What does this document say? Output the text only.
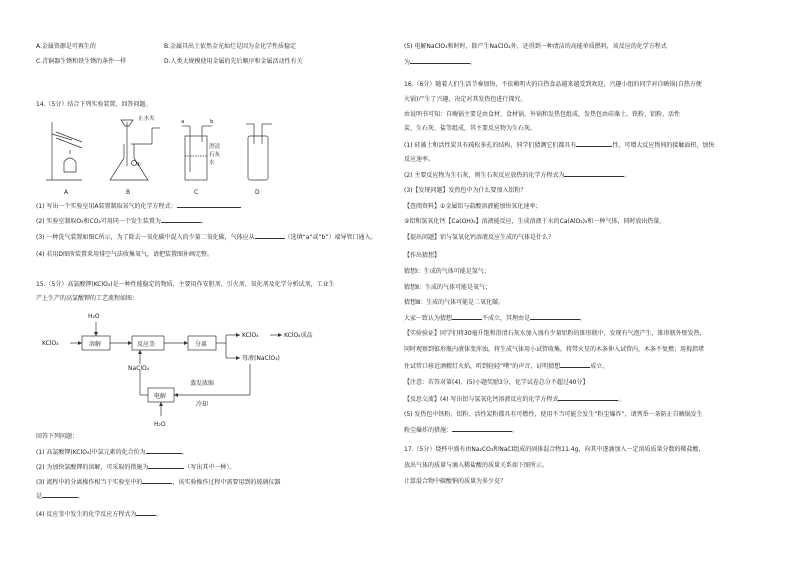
A.金属资源是可再生的	B.金属具出土依然金光灿烂是因为金化学性质稳定
C.青铜器生锈和铁生锈的条件一样	D.人类大规模使用金属的先后顺序和金属活动性有关
14.（5分）结合下列实验装置，回答问题。
止水夹
澄清
石灰
水
a	b
①
A	B	C	D
(1) 写出一个实验室用A装置制取氧气的化学方程式：
(2) 实验室制取O₂和CO₂可用同一个发生装置为	。
(3) 一种洗气装置如图C所示，为了除去一氧化碳中混入的少量二氧化碳，气体应从	（选填“a”或“b”）端导管口通入。
(4) 若用D图所装置来用排空气法收集氧气，请把装置图补画完整。
15.（5分）高氯酸钾(KClO₄)是一种性能稳定的物质，主要用作安胆剂、引火剂、氧化剂及化学分析试剂，工业生
产上生产的高氯酸钾的工艺流程如图：
H₂O
KClO₃	溶解	反应釜	分离
KClO₄	KClO₄成品
母液(NaClO₃)
NaClO₄
蒸发浓缩
冷却
电解
H₂O
回答下列问题：
(1) 高氯酸钾(KClO₄)中氯元素的化合价为	。
(2) 为加快氯酸钾的溶解，可采取的措施为	（写出其中一种）。
(3) 流程中的分离操作相当于实验室中的	，该实验操作过程中需要用到的玻璃仪器
是	。
(4) 反应釜中发生的化学反应方程式为	。
(5) 电解NaClO₃和时时，除产生NaClO₄外，还得到一种清洁的高能单质燃料，该反应的化学方程式
为	。
16.（6分）随着人们生活节奏加快，不依赖明火的自热食品越来越受到欢迎，兴趣小组的同学对自嗨锅(自热方便
火锅)产生了兴趣，决定对其发热包进行探究。
由说明书可知：自嗨锅主要是由食材、食材锅、外锅和发热包组成，发热包由硅藻土、铁粉、铝粉、活性
炭、生石灰、盐等组成，其主要反应物为生石灰。
(1) 硅藻土和活性炭具有疏松多孔的结构，同学们猜测它们都具有	性，可增大反应物间的接触面积，加快
反应速率。
(2) 主要反应物为生石灰，则生石灰反应放热的化学方程式为	。
(3)【发现问题】发热包中为什么要加入铝粉？
【查阅资料】①金属铝与盐酸溶液能加快氧化速率；
②铝和氢氧化钙【Ca(OH)₂】溶液能反应，生成溶液于水的Ca(AlO₂)₂和一种气体，同时放出热量。
【提出问题】铝与氢氧化钙溶液反应生成的气体是什么？
【作出猜想】
猜想Ⅰ：生成的气体可能是氢气；
猜想Ⅱ：生成的气体可能是氧气；
猜想Ⅲ：生成的气体可能是二氧化碳。
大家一致认为猜想	不成立，其理由是	。
【实验验证】同学们将30毫升饱和澄清石灰水加入盛有少量铝粉的锥形瓶中，发现有气泡产生，锥形瓶外壁发热，
同时观察到锥形瓶内液体变浑浊，将生成气体用小试管收集，将带火星的木条伸入试管内，木条不复燃；用拇指堵
住试管口移近酒精灯火焰，听到轻轻“噗”的声音，证明猜想	成立。
【注意：若答对第(4)、(5)小题奖励3分，化学试卷总分不超过40分】
【反思交流】(4) 写出铝与氢氧化钙溶液反应的化学方程式	。
(5) 发热包中铁粉、铝粉、活性炭粉都具有可燃性，使用不当可能会发生“粉尘爆炸”，请列举一条防止自嗨锅发生
粉尘爆炸的措施：	。
17.（5分）烧杯中盛有由Na₂CO₃和NaCl组成的固体混合物11.4g，向其中逐滴加入一定溶质质量分数的稀盐酸，
放出气体的质量与滴入稀盐酸的质量关系如下图所示。
计算混合物中碳酸钠的质量为多少克？
